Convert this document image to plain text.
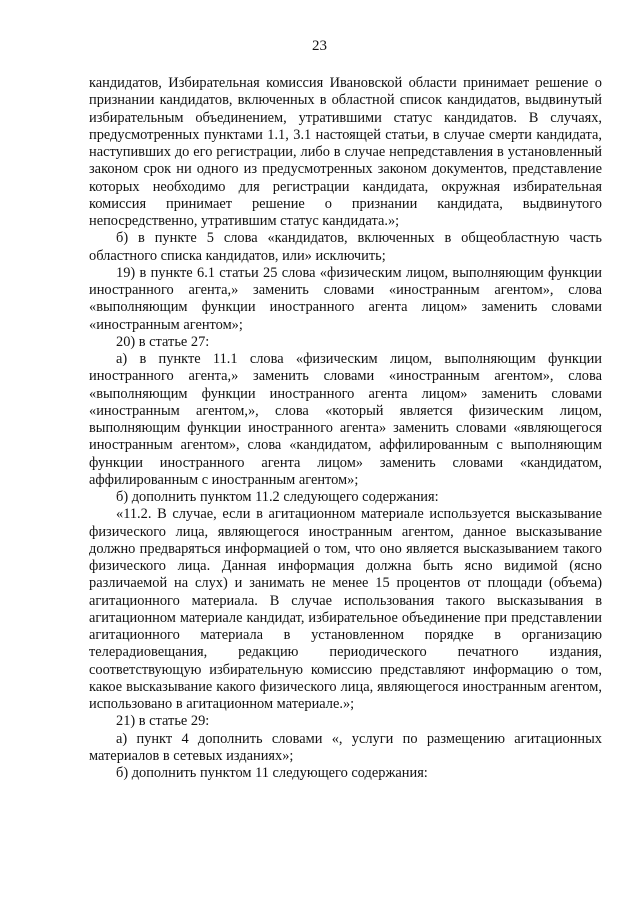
23

кандидатов, Избирательная комиссия Ивановской области принимает решение о признании кандидатов, включенных в областной список кандидатов, выдвинутый избирательным объединением, утратившими статус кандидатов. В случаях, предусмотренных пунктами 1.1, 3.1 настоящей статьи, в случае смерти кандидата, наступивших до его регистрации, либо в случае непредставления в установленный законом срок ни одного из предусмотренных законом документов, представление которых необходимо для регистрации кандидата, окружная избирательная комиссия принимает решение о признании кандидата, выдвинутого непосредственно, утратившим статус кандидата.»;

б) в пункте 5 слова «кандидатов, включенных в общеобластную часть областного списка кандидатов, или» исключить;

19) в пункте 6.1 статьи 25 слова «физическим лицом, выполняющим функции иностранного агента,» заменить словами «иностранным агентом», слова «выполняющим функции иностранного агента лицом» заменить словами «иностранным агентом»;

20) в статье 27:

а) в пункте 11.1 слова «физическим лицом, выполняющим функции иностранного агента,» заменить словами «иностранным агентом», слова «выполняющим функции иностранного агента лицом» заменить словами «иностранным агентом,», слова «который является физическим лицом, выполняющим функции иностранного агента» заменить словами «являющегося иностранным агентом», слова «кандидатом, аффилированным с выполняющим функции иностранного агента лицом» заменить словами «кандидатом, аффилированным с иностранным агентом»;

б) дополнить пунктом 11.2 следующего содержания:

«11.2. В случае, если в агитационном материале используется высказывание физического лица, являющегося иностранным агентом, данное высказывание должно предваряться информацией о том, что оно является высказыванием такого физического лица. Данная информация должна быть ясно видимой (ясно различаемой на слух) и занимать не менее 15 процентов от площади (объема) агитационного материала. В случае использования такого высказывания в агитационном материале кандидат, избирательное объединение при представлении агитационного материала в установленном порядке в организацию телерадиовещания, редакцию периодического печатного издания, соответствующую избирательную комиссию представляют информацию о том, какое высказывание какого физического лица, являющегося иностранным агентом, использовано в агитационном материале.»;

21) в статье 29:

а) пункт 4 дополнить словами «, услуги по размещению агитационных материалов в сетевых изданиях»;

б) дополнить пунктом 11 следующего содержания:
